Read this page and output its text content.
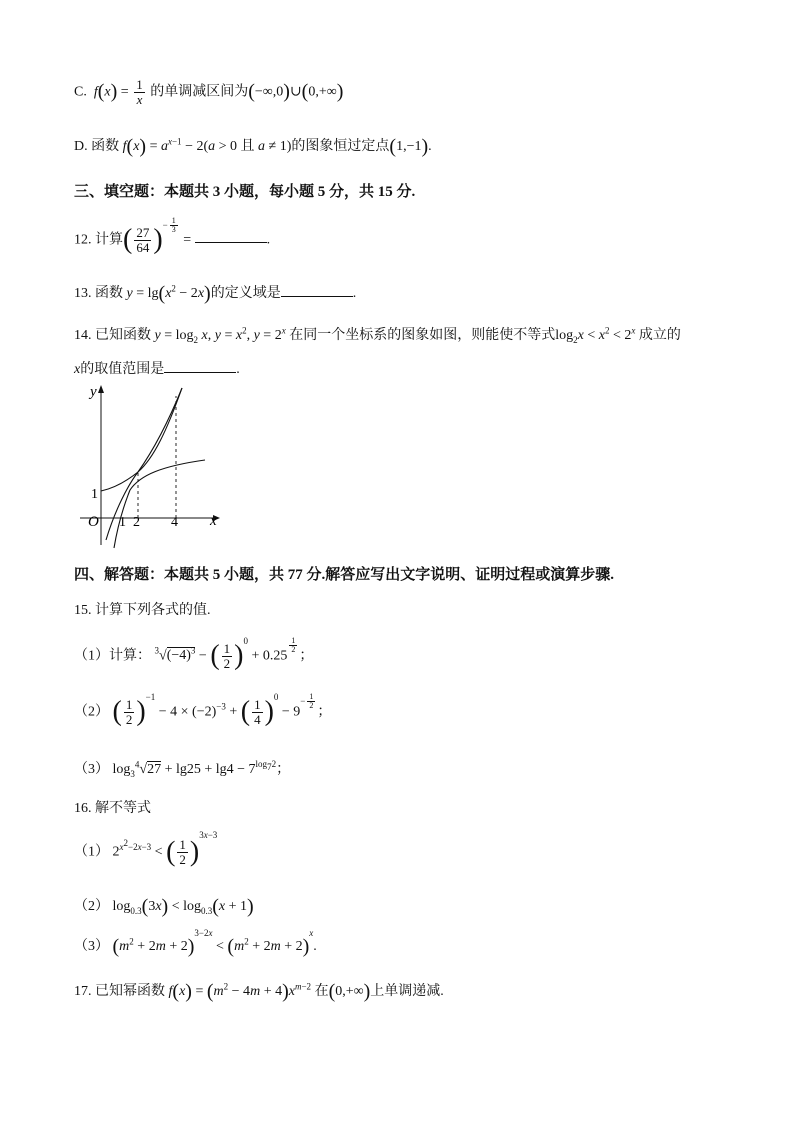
C.  $f(x) = \frac{1}{x}$ 的单调减区间为(−∞,0)∪(0,+∞)
D. 函数 $f(x) = a^{x-1} - 2(a > 0$ 且 a ≠ 1)的图象恒过定点(1,−1).
三、填空题：本题共 3 小题，每小题 5 分，共 15 分.
12. 计算( $\frac{27}{64} )^{- \frac{1}{3}}$
=	.
13. 函数 $y = \lg(x^2 - 2x)$的定义域是	.
14. 已知函数 $y = \log_2 x$, $y = x^2$, $y = 2^x$ 在同一个坐标系的图象如图，则能使不等式$\log_2x < x^2 < 2^x$ 成立的
x的取值范围是	.
y
x
O
1
1 2 4
四、解答题：本题共 5 小题，共 77 分.解答应写出文字说明、证明过程或演算步骤.
15. 计算下列各式的值.
（1）计算： $^3√(-4)^3$ − ( $\frac{1}{2} )^0 + 0.25$
$^{\frac{1}{2}}$
；
（2） ( $\frac{1}{2} )^{-1} - 4 \times (-2)^{-3}$ + ( $\frac{1}{4} )^0 - 9^{- \frac{1}{2}}$
；
（3） $\log_3^4√27 + \lg 25 + \lg 4 - 7^{log_72}$；
16. 解不等式
（1） $2^{x^2-2x-3}$ < ( $\frac{1}{2} )^{3x-3}$
（2） $\log_{0.3}(3x) < \log_{0.3}(x + 1)$
（3） $(m^2 + 2m + 2)^{3-2x} < (m^2 + 2m + 2)^x$.
17. 已知幂函数 $f(x) = (m^2 - 4m + 4)x^{m-2}$ 在(0,+∞)上单调递减.
